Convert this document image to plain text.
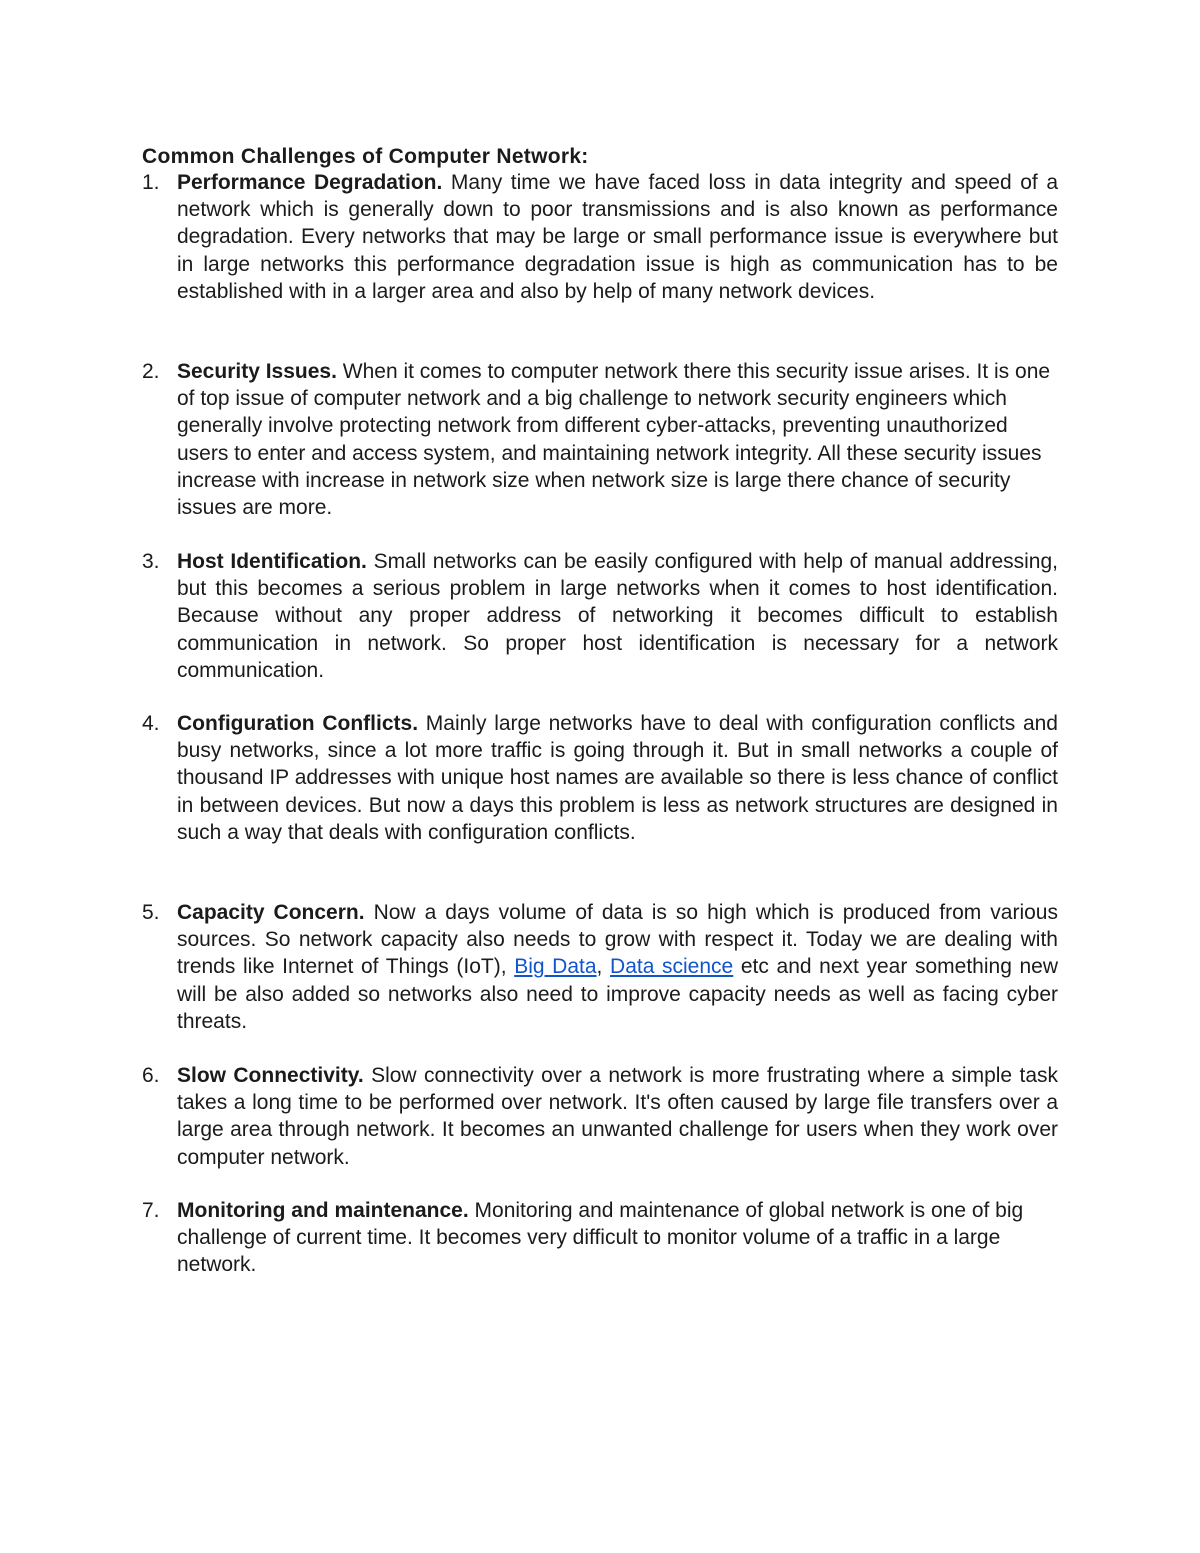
Common Challenges of Computer Network:
1. Performance Degradation. Many time we have faced loss in data integrity and speed of a network which is generally down to poor transmissions and is also known as performance degradation. Every networks that may be large or small performance issue is everywhere but in large networks this performance degradation issue is high as communication has to be established with in a larger area and also by help of many network devices.
2. Security Issues. When it comes to computer network there this security issue arises. It is one of top issue of computer network and a big challenge to network security engineers which generally involve protecting network from different cyber-attacks, preventing unauthorized users to enter and access system, and maintaining network integrity. All these security issues increase with increase in network size when network size is large there chance of security issues are more.
3. Host Identification. Small networks can be easily configured with help of manual addressing, but this becomes a serious problem in large networks when it comes to host identification. Because without any proper address of networking it becomes difficult to establish communication in network. So proper host identification is necessary for a network communication.
4. Configuration Conflicts. Mainly large networks have to deal with configuration conflicts and busy networks, since a lot more traffic is going through it. But in small networks a couple of thousand IP addresses with unique host names are available so there is less chance of conflict in between devices. But now a days this problem is less as network structures are designed in such a way that deals with configuration conflicts.
5. Capacity Concern. Now a days volume of data is so high which is produced from various sources. So network capacity also needs to grow with respect it. Today we are dealing with trends like Internet of Things (IoT), Big Data, Data science etc and next year something new will be also added so networks also need to improve capacity needs as well as facing cyber threats.
6. Slow Connectivity. Slow connectivity over a network is more frustrating where a simple task takes a long time to be performed over network. It's often caused by large file transfers over a large area through network. It becomes an unwanted challenge for users when they work over computer network.
7. Monitoring and maintenance. Monitoring and maintenance of global network is one of big challenge of current time. It becomes very difficult to monitor volume of a traffic in a large network.
